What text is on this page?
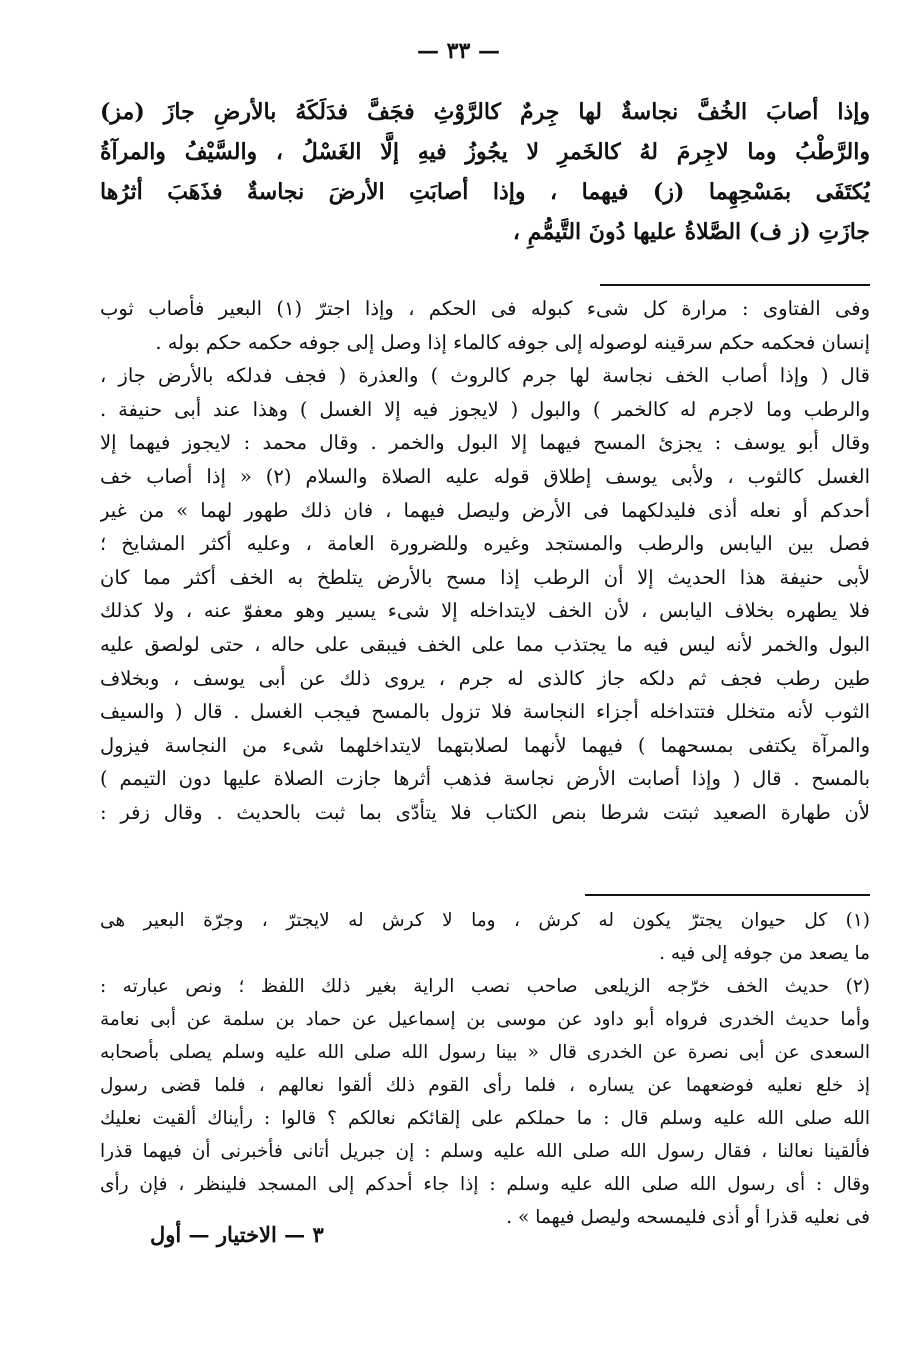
— ٣٣ —
وإذا أصابَ الخُفَّ نجاسةٌ لها جِرمٌ كالرَّوْثِ فجَفَّ فدَلَكَهُ بالأرضِ جازَ (مز)
والرَّطْبُ وما لاجِرمَ لهُ كالخَمرِ لا يجُوزُ فيهِ إلَّا الغَسْلُ ، والسَّيْفُ والمرآةُ
يُكتَفَى بمَسْحِهِما (ز) فيهما ، وإذا أصابَتِ الأرضَ نجاسةٌ فذَهَبَ أثرُها
جازَتِ (ز ف) الصَّلاةُ عليها دُونَ التَّيمُّمِ ،
وفى الفتاوى : مرارة كل شىء كبوله فى الحكم ، وإذا اجترّ (١) البعير فأصاب ثوب
إنسان فحكمه حكم سرقينه لوصوله إلى جوفه كالماء إذا وصل إلى جوفه حكمه حكم بوله .
قال ( وإذا أصاب الخف نجاسة لها جرم كالروث ) والعذرة ( فجف فدلكه بالأرض جاز ،
والرطب وما لاجرم له كالخمر ) والبول ( لايجوز فيه إلا الغسل ) وهذا عند أبى حنيفة .
وقال أبو يوسف : يجزئ المسح فيهما إلا البول والخمر . وقال محمد : لايجوز فيهما إلا
الغسل كالثوب ، ولأبى يوسف إطلاق قوله عليه الصلاة والسلام (٢) « إذا أصاب خف
أحدكم أو نعله أذى فليدلكهما فى الأرض وليصل فيهما ، فان ذلك طهور لهما » من غير
فصل بين اليابس والرطب والمستجد وغيره وللضرورة العامة ، وعليه أكثر المشايخ ؛
لأبى حنيفة هذا الحديث إلا أن الرطب إذا مسح بالأرض يتلطخ به الخف أكثر مما كان
فلا يطهره بخلاف اليابس ، لأن الخف لايتداخله إلا شىء يسير وهو معفوّ عنه ، ولا كذلك
البول والخمر لأنه ليس فيه ما يجتذب مما على الخف فيبقى على حاله ، حتى لولصق عليه
طين رطب فجف ثم دلكه جاز كالذى له جرم ، يروى ذلك عن أبى يوسف ، وبخلاف
الثوب لأنه متخلل فتتداخله أجزاء النجاسة فلا تزول بالمسح فيجب الغسل . قال ( والسيف
والمرآة يكتفى بمسحهما ) فيهما لأنهما لصلابتهما لايتداخلهما شىء من النجاسة فيزول
بالمسح . قال ( وإذا أصابت الأرض نجاسة فذهب أثرها جازت الصلاة عليها دون التيمم )
لأن طهارة الصعيد ثبتت شرطا بنص الكتاب فلا يتأدّى بما ثبت بالحديث . وقال زفر :
(١) كل حيوان يجترّ يكون له كرش ، وما لا كرش له لايجترّ ، وجرّة البعير هى
ما يصعد من جوفه إلى فيه .
(٢) حديث الخف خرّجه الزيلعى صاحب نصب الراية بغير ذلك اللفظ ؛ ونص عبارته :
وأما حديث الخدرى فرواه أبو داود عن موسى بن إسماعيل عن حماد بن سلمة عن أبى نعامة
السعدى عن أبى نصرة عن الخدرى قال « بينا رسول الله صلى الله عليه وسلم يصلى بأصحابه
إذ خلع نعليه فوضعهما عن يساره ، فلما رأى القوم ذلك ألقوا نعالهم ، فلما قضى رسول
الله صلى الله عليه وسلم قال : ما حملكم على إلقائكم نعالكم ؟ قالوا : رأيناك ألقيت نعليك
فألقينا نعالنا ، فقال رسول الله صلى الله عليه وسلم : إن جبريل أتانى فأخبرنى أن فيهما قذرا
وقال : أى رسول الله صلى الله عليه وسلم : إذا جاء أحدكم إلى المسجد فلينظر ، فإن رأى
فى نعليه قذرا أو أذى فليمسحه وليصل فيهما » .
٣ — الاختيار — أول
